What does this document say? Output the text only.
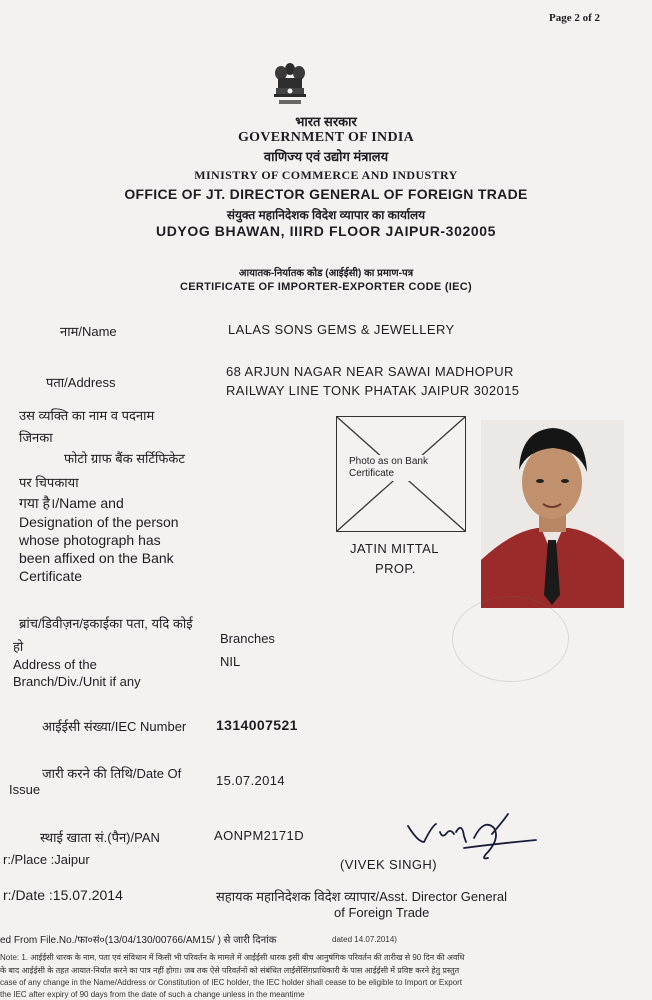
Page 2 of 2
भारत सरकार
GOVERNMENT OF INDIA
वाणिज्य एवं उद्योग मंत्रालय
MINISTRY OF COMMERCE AND INDUSTRY
OFFICE OF JT. DIRECTOR GENERAL OF FOREIGN TRADE
संयुक्त महानिदेशक विदेश व्यापार का कार्यालय
UDYOG BHAWAN, IIIRD FLOOR JAIPUR-302005
आयातक-निर्यातक कोड (आईईसी) का प्रमाण-पत्र
CERTIFICATE OF IMPORTER-EXPORTER CODE (IEC)
नाम/Name	LALAS SONS GEMS & JEWELLERY
पता/Address
68 ARJUN NAGAR NEAR SAWAI MADHOPUR
RAILWAY LINE TONK PHATAK JAIPUR 302015
उस व्यक्ति का नाम व पदनाम
जिनका
फोटो ग्राफ बैंक सर्टिफिकेट
पर चिपकाया
गया है।/Name and
Designation of the person
whose photograph has
been affixed on the Bank
Certificate
Photo as on Bank Certificate
JATIN MITTAL
PROP.
ब्रांच/डिवीज़न/इकाईका पता, यदि कोई
हो
Address of the
Branch/Div./Unit if any
Branches
NIL
आईईसी संख्या/IEC Number 1314007521
जारी करने की तिथि/Date Of
Issue
15.07.2014
स्थाई खाता सं.(पैन)/PAN	AONPM2171D
r:/Place :Jaipur	(VIVEK SINGH)
r:/Date :15.07.2014	सहायक महानिदेशक विदेश व्यापार/Asst. Director General
of Foreign Trade
ed From File.No./फा०सं०(13/04/130/00766/AM15/ ) से जारी दिनांक	dated 14.07.2014)
Note: 1. आईईसी धारक के नाम, पता एवं संविधान में किसी भी परिवर्तन के मामले में आईईसी धारक इसी बीच आनुषंगिक परिवर्तन की तारीख से 90 दिन की अवधि
के बाद आईईसी के तहत आयात-निर्यात करने का पात्र नहीं होगा। जब तक ऐसे परिवर्तनों को संबंधित लाईसेंसिंगप्राधिकारी के पास आईईसी में प्रविष्ट करने हेतु प्रस्तुत
case of any change in the Name/Address or Constitution of IEC holder, the IEC holder shall cease to be eligible to Import or Export
the IEC after expiry of 90 days from the date of such a change unless in the meantime
